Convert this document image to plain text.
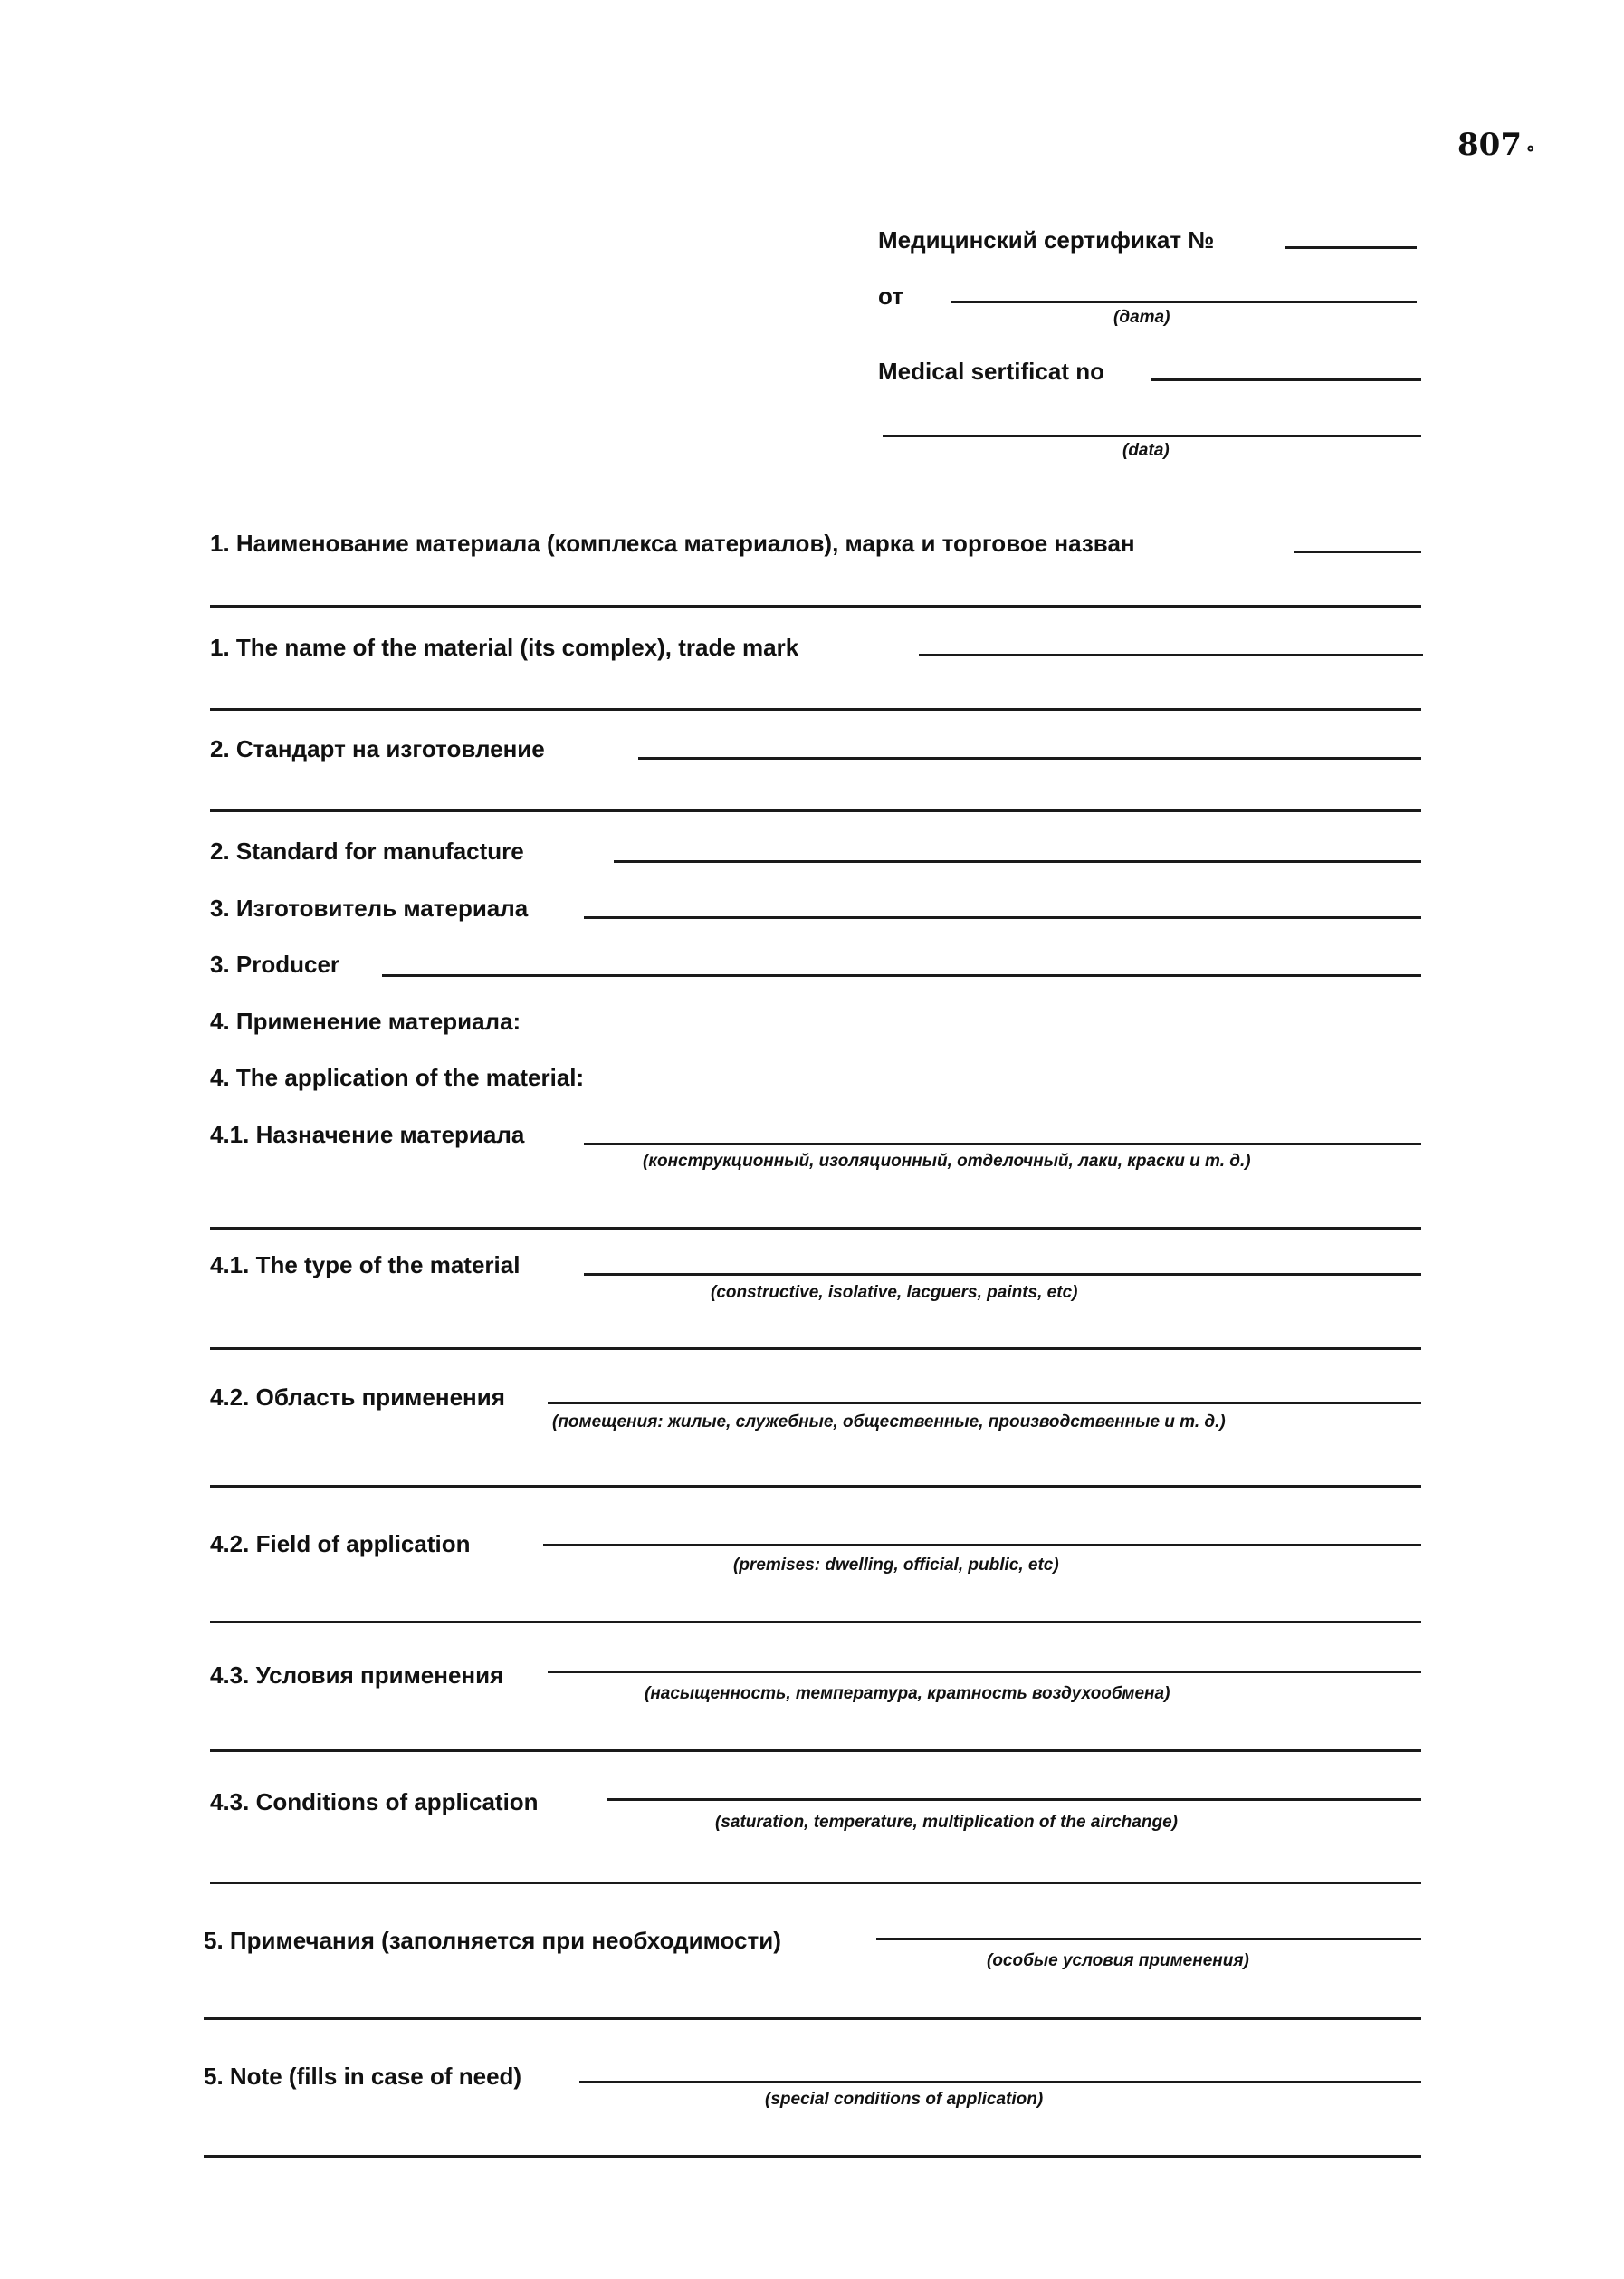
807 ∘
Медицинский сертификат №
от
(дата)
Medical sertificat no
(data)
1. Наименование материала (комплекса материалов), марка и торговое назван
1. The name of the material (its complex), trade mark
2. Стандарт на изготовление
2. Standard for manufacture
3. Изготовитель материала
3. Producer
4. Применение материала:
4. The application of the material:
4.1. Назначение материала
(конструкционный, изоляционный, отделочный, лаки, краски и т. д.)
4.1. The type of the material
(constructive, isolative, lacguers, paints, etc)
4.2. Область применения
(помещения: жилые, служебные, общественные, производственные и т. д.)
4.2. Field of application
(premises: dwelling, official, public, etc)
4.3. Условия применения
(насыщенность, температура, кратность воздухообмена)
4.3. Conditions of application
(saturation, temperature, multiplication of the airchange)
5. Примечания (заполняется при необходимости)
(особые условия применения)
5. Note (fills in case of need)
(special conditions of application)
